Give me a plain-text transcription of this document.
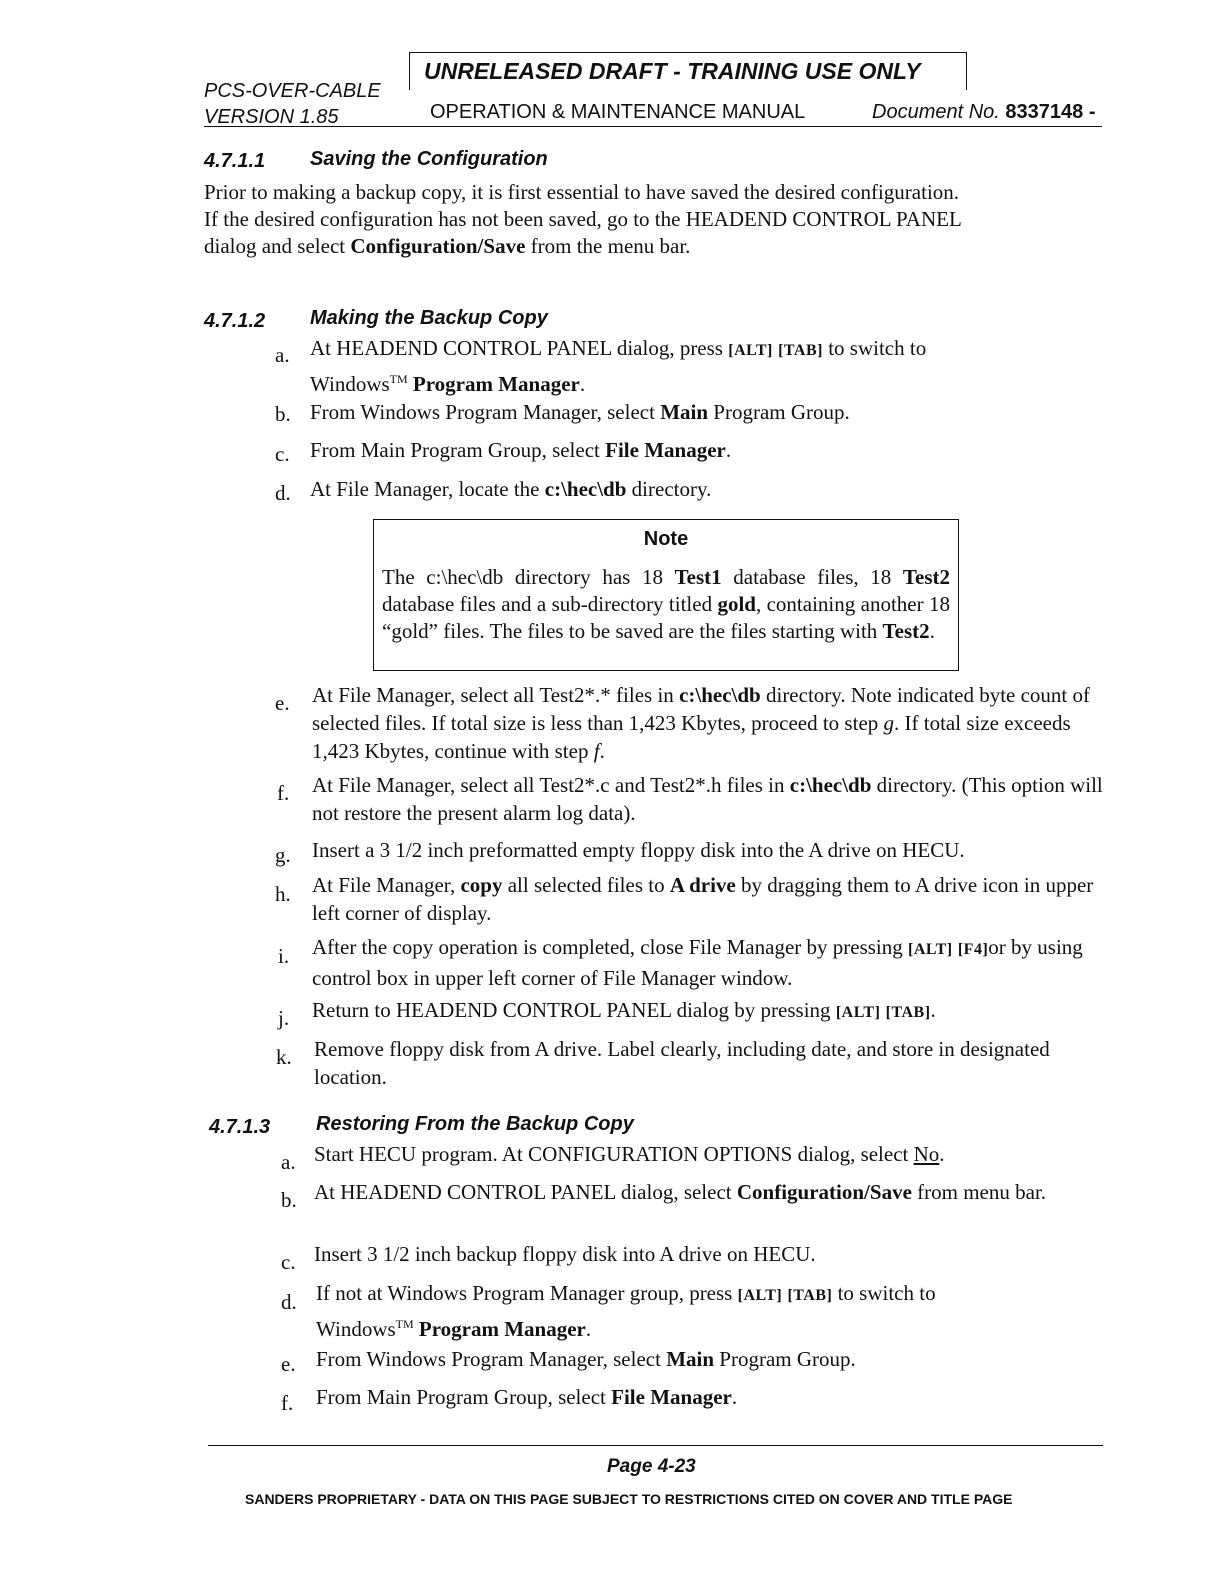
PCS-OVER-CABLE
VERSION 1.85
UNRELEASED DRAFT - TRAINING USE ONLY
OPERATION & MAINTENANCE MANUAL	Document No. 8337148 -
4.7.1.1 Saving the Configuration
Prior to making a backup copy, it is first essential to have saved the desired configuration.
If the desired configuration has not been saved, go to the HEADEND CONTROL PANEL
dialog and select Configuration/Save from the menu bar.
4.7.1.2 Making the Backup Copy
a. At HEADEND CONTROL PANEL dialog, press [ALT] [TAB] to switch to
Windows™ Program Manager.
b. From Windows Program Manager, select Main Program Group.
c. From Main Program Group, select File Manager.
d. At File Manager, locate the c:\hec\db directory.
Note
The c:\hec\db directory has 18 Test1 database files, 18 Test2 database files and a sub-directory titled gold, containing another 18 “gold” files. The files to be saved are the files starting with Test2.
e. At File Manager, select all Test2*.* files in c:\hec\db directory. Note indicated byte count of selected files. If total size is less than 1,423 Kbytes, proceed to step g. If total size exceeds 1,423 Kbytes, continue with step f.
f. At File Manager, select all Test2*.c and Test2*.h files in c:\hec\db directory. (This option will not restore the present alarm log data).
g. Insert a 3 1/2 inch preformatted empty floppy disk into the A drive on HECU.
h. At File Manager, copy all selected files to A drive by dragging them to A drive icon in upper left corner of display.
i. After the copy operation is completed, close File Manager by pressing [ALT] [F4]or by using control box in upper left corner of File Manager window.
j. Return to HEADEND CONTROL PANEL dialog by pressing [ALT] [TAB].
k. Remove floppy disk from A drive. Label clearly, including date, and store in designated location.
4.7.1.3 Restoring From the Backup Copy
a. Start HECU program. At CONFIGURATION OPTIONS dialog, select No.
b. At HEADEND CONTROL PANEL dialog, select Configuration/Save from menu bar.
c. Insert 3 1/2 inch backup floppy disk into A drive on HECU.
d. If not at Windows Program Manager group, press [ALT] [TAB] to switch to
Windows™ Program Manager.
e. From Windows Program Manager, select Main Program Group.
f. From Main Program Group, select File Manager.
Page 4-23
SANDERS PROPRIETARY - DATA ON THIS PAGE SUBJECT TO RESTRICTIONS CITED ON COVER AND TITLE PAGE
